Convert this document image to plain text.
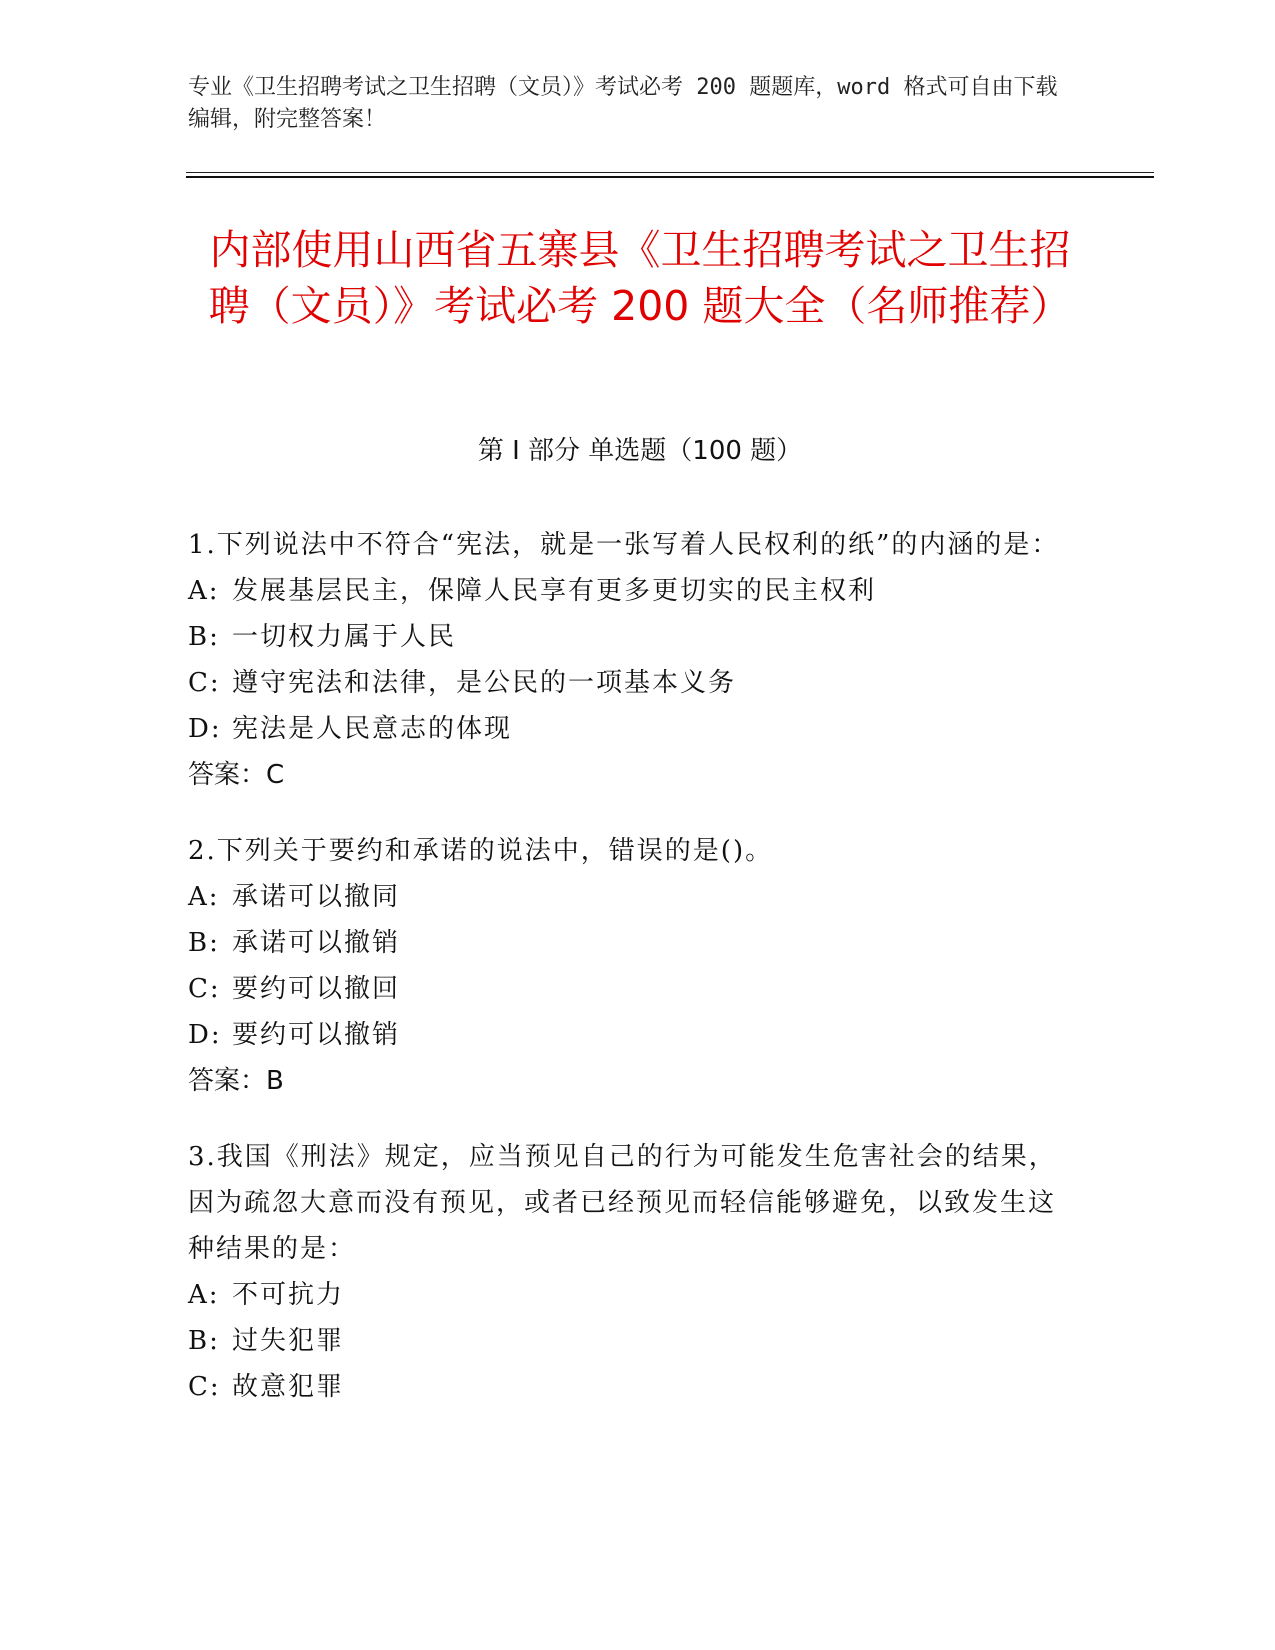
专业《卫生招聘考试之卫生招聘（文员）》考试必考 200 题题库，word 格式可自由下载编辑，附完整答案！
内部使用山西省五寨县《卫生招聘考试之卫生招聘（文员）》考试必考 200 题大全（名师推荐）
第 I 部分 单选题（100 题）
1.下列说法中不符合“宪法，就是一张写着人民权利的纸”的内涵的是：
A: 发展基层民主，保障人民享有更多更切实的民主权利
B: 一切权力属于人民
C: 遵守宪法和法律，是公民的一项基本义务
D: 宪法是人民意志的体现
答案：C
2.下列关于要约和承诺的说法中，错误的是()。
A: 承诺可以撤同
B: 承诺可以撤销
C: 要约可以撤回
D: 要约可以撤销
答案：B
3.我国《刑法》规定，应当预见自己的行为可能发生危害社会的结果，因为疏忽大意而没有预见，或者已经预见而轻信能够避免，以致发生这种结果的是：
A: 不可抗力
B: 过失犯罪
C: 故意犯罪
